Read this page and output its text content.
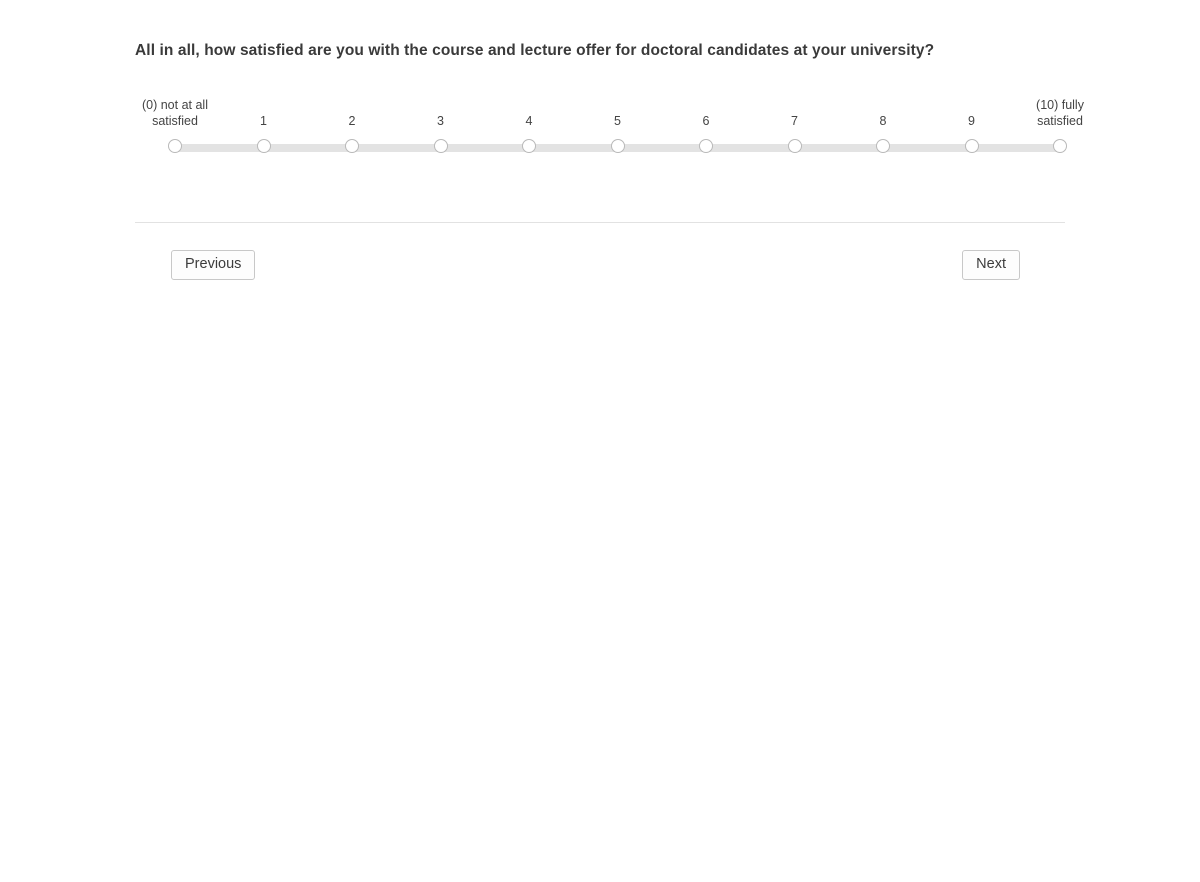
All in all, how satisfied are you with the course and lecture offer for doctoral candidates at your university?

(0) not at all
satisfied	1	2	3	4	5	6	7	8	9
(10) fully
satisfied
Previous	Next
